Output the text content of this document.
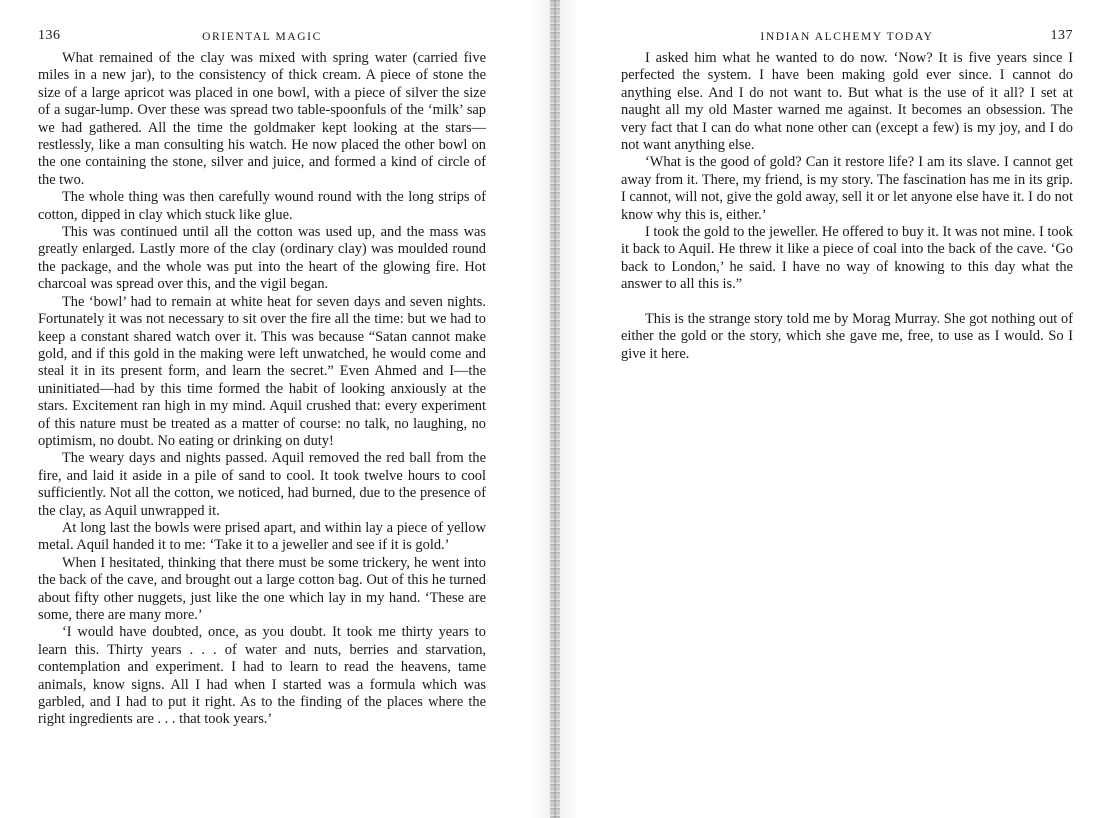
136	ORIENTAL MAGIC

What remained of the clay was mixed with spring water (carried five miles in a new jar), to the consistency of thick cream. A piece of stone the size of a large apricot was placed in one bowl, with a piece of silver the size of a sugar-lump. Over these was spread two table-spoonfuls of the ‘milk’ sap we had gathered. All the time the goldmaker kept looking at the stars—restlessly, like a man consulting his watch. He now placed the other bowl on the one containing the stone, silver and juice, and formed a kind of circle of the two.

The whole thing was then carefully wound round with the long strips of cotton, dipped in clay which stuck like glue.

This was continued until all the cotton was used up, and the mass was greatly enlarged. Lastly more of the clay (ordinary clay) was moulded round the package, and the whole was put into the heart of the glowing fire. Hot charcoal was spread over this, and the vigil began.

The ‘bowl’ had to remain at white heat for seven days and seven nights. Fortunately it was not necessary to sit over the fire all the time: but we had to keep a constant shared watch over it. This was because “Satan cannot make gold, and if this gold in the making were left unwatched, he would come and steal it in its present form, and learn the secret.” Even Ahmed and I—the uninitiated—had by this time formed the habit of looking anxiously at the stars. Excitement ran high in my mind. Aquil crushed that: every experiment of this nature must be treated as a matter of course: no talk, no laughing, no optimism, no doubt. No eating or drinking on duty!

The weary days and nights passed. Aquil removed the red ball from the fire, and laid it aside in a pile of sand to cool. It took twelve hours to cool sufficiently. Not all the cotton, we noticed, had burned, due to the presence of the clay, as Aquil unwrapped it.

At long last the bowls were prised apart, and within lay a piece of yellow metal. Aquil handed it to me: ‘Take it to a jeweller and see if it is gold.’

When I hesitated, thinking that there must be some trickery, he went into the back of the cave, and brought out a large cotton bag. Out of this he turned about fifty other nuggets, just like the one which lay in my hand. ‘These are some, there are many more.’

‘I would have doubted, once, as you doubt. It took me thirty years to learn this. Thirty years . . . of water and nuts, berries and starvation, contemplation and experiment. I had to learn to read the heavens, tame animals, know signs. All I had when I started was a formula which was garbled, and I had to put it right. As to the finding of the places where the right ingredients are . . . that took years.’

INDIAN ALCHEMY TODAY	137

I asked him what he wanted to do now. ‘Now? It is five years since I perfected the system. I have been making gold ever since. I cannot do anything else. And I do not want to. But what is the use of it all? I set at naught all my old Master warned me against. It becomes an obsession. The very fact that I can do what none other can (except a few) is my joy, and I do not want anything else.

‘What is the good of gold? Can it restore life? I am its slave. I cannot get away from it. There, my friend, is my story. The fascination has me in its grip. I cannot, will not, give the gold away, sell it or let anyone else have it. I do not know why this is, either.’

I took the gold to the jeweller. He offered to buy it. It was not mine. I took it back to Aquil. He threw it like a piece of coal into the back of the cave. ‘Go back to London,’ he said. I have no way of knowing to this day what the answer to all this is.”

This is the strange story told me by Morag Murray. She got nothing out of either the gold or the story, which she gave me, free, to use as I would. So I give it here.
